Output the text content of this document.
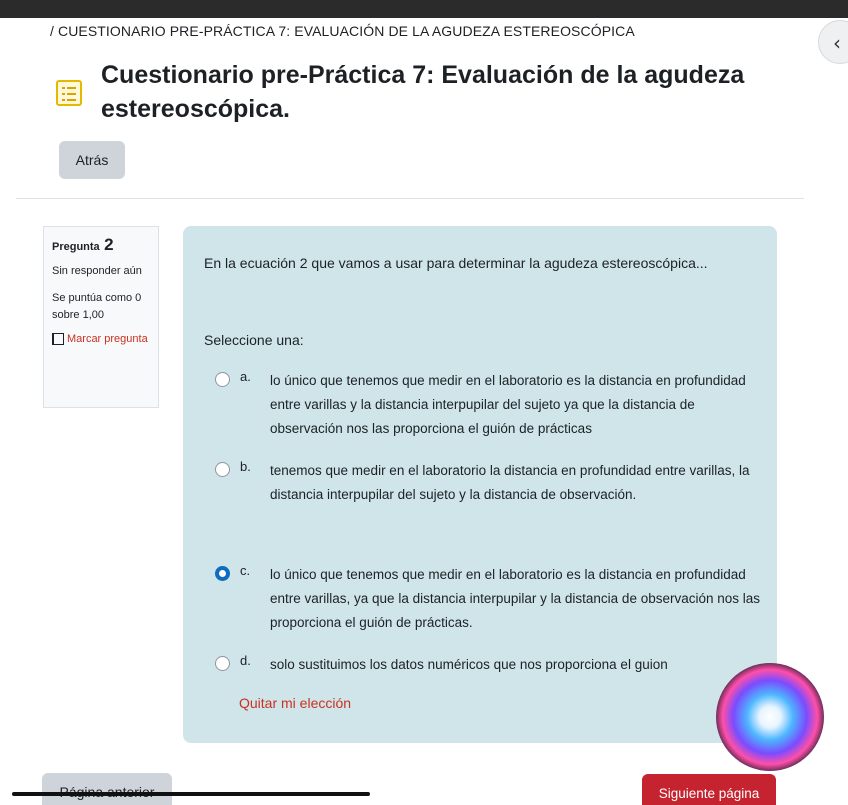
/ CUESTIONARIO PRE-PRÁCTICA 7: EVALUACIÓN DE LA AGUDEZA ESTEREOSCÓPICA	‹
Cuestionario pre-Práctica 7: Evaluación de la agudeza estereoscópica.
Atrás
Pregunta 2
Sin responder aún
Se puntúa como 0 sobre 1,00
Marcar pregunta
En la ecuación 2 que vamos a usar para determinar la agudeza estereoscópica...
Seleccione una:
a. lo único que tenemos que medir en el laboratorio es la distancia en profundidad entre varillas y la distancia interpupilar del sujeto ya que la distancia de observación nos las proporciona el guión de prácticas
b. tenemos que medir en el laboratorio la distancia en profundidad entre varillas, la distancia interpupilar del sujeto y la distancia de observación.
c. lo único que tenemos que medir en el laboratorio es la distancia en profundidad entre varillas, ya que la distancia interpupilar y la distancia de observación nos las proporciona el guión de prácticas.
d. solo sustituimos los datos numéricos que nos proporciona el guion
Quitar mi elección
Siguiente página
